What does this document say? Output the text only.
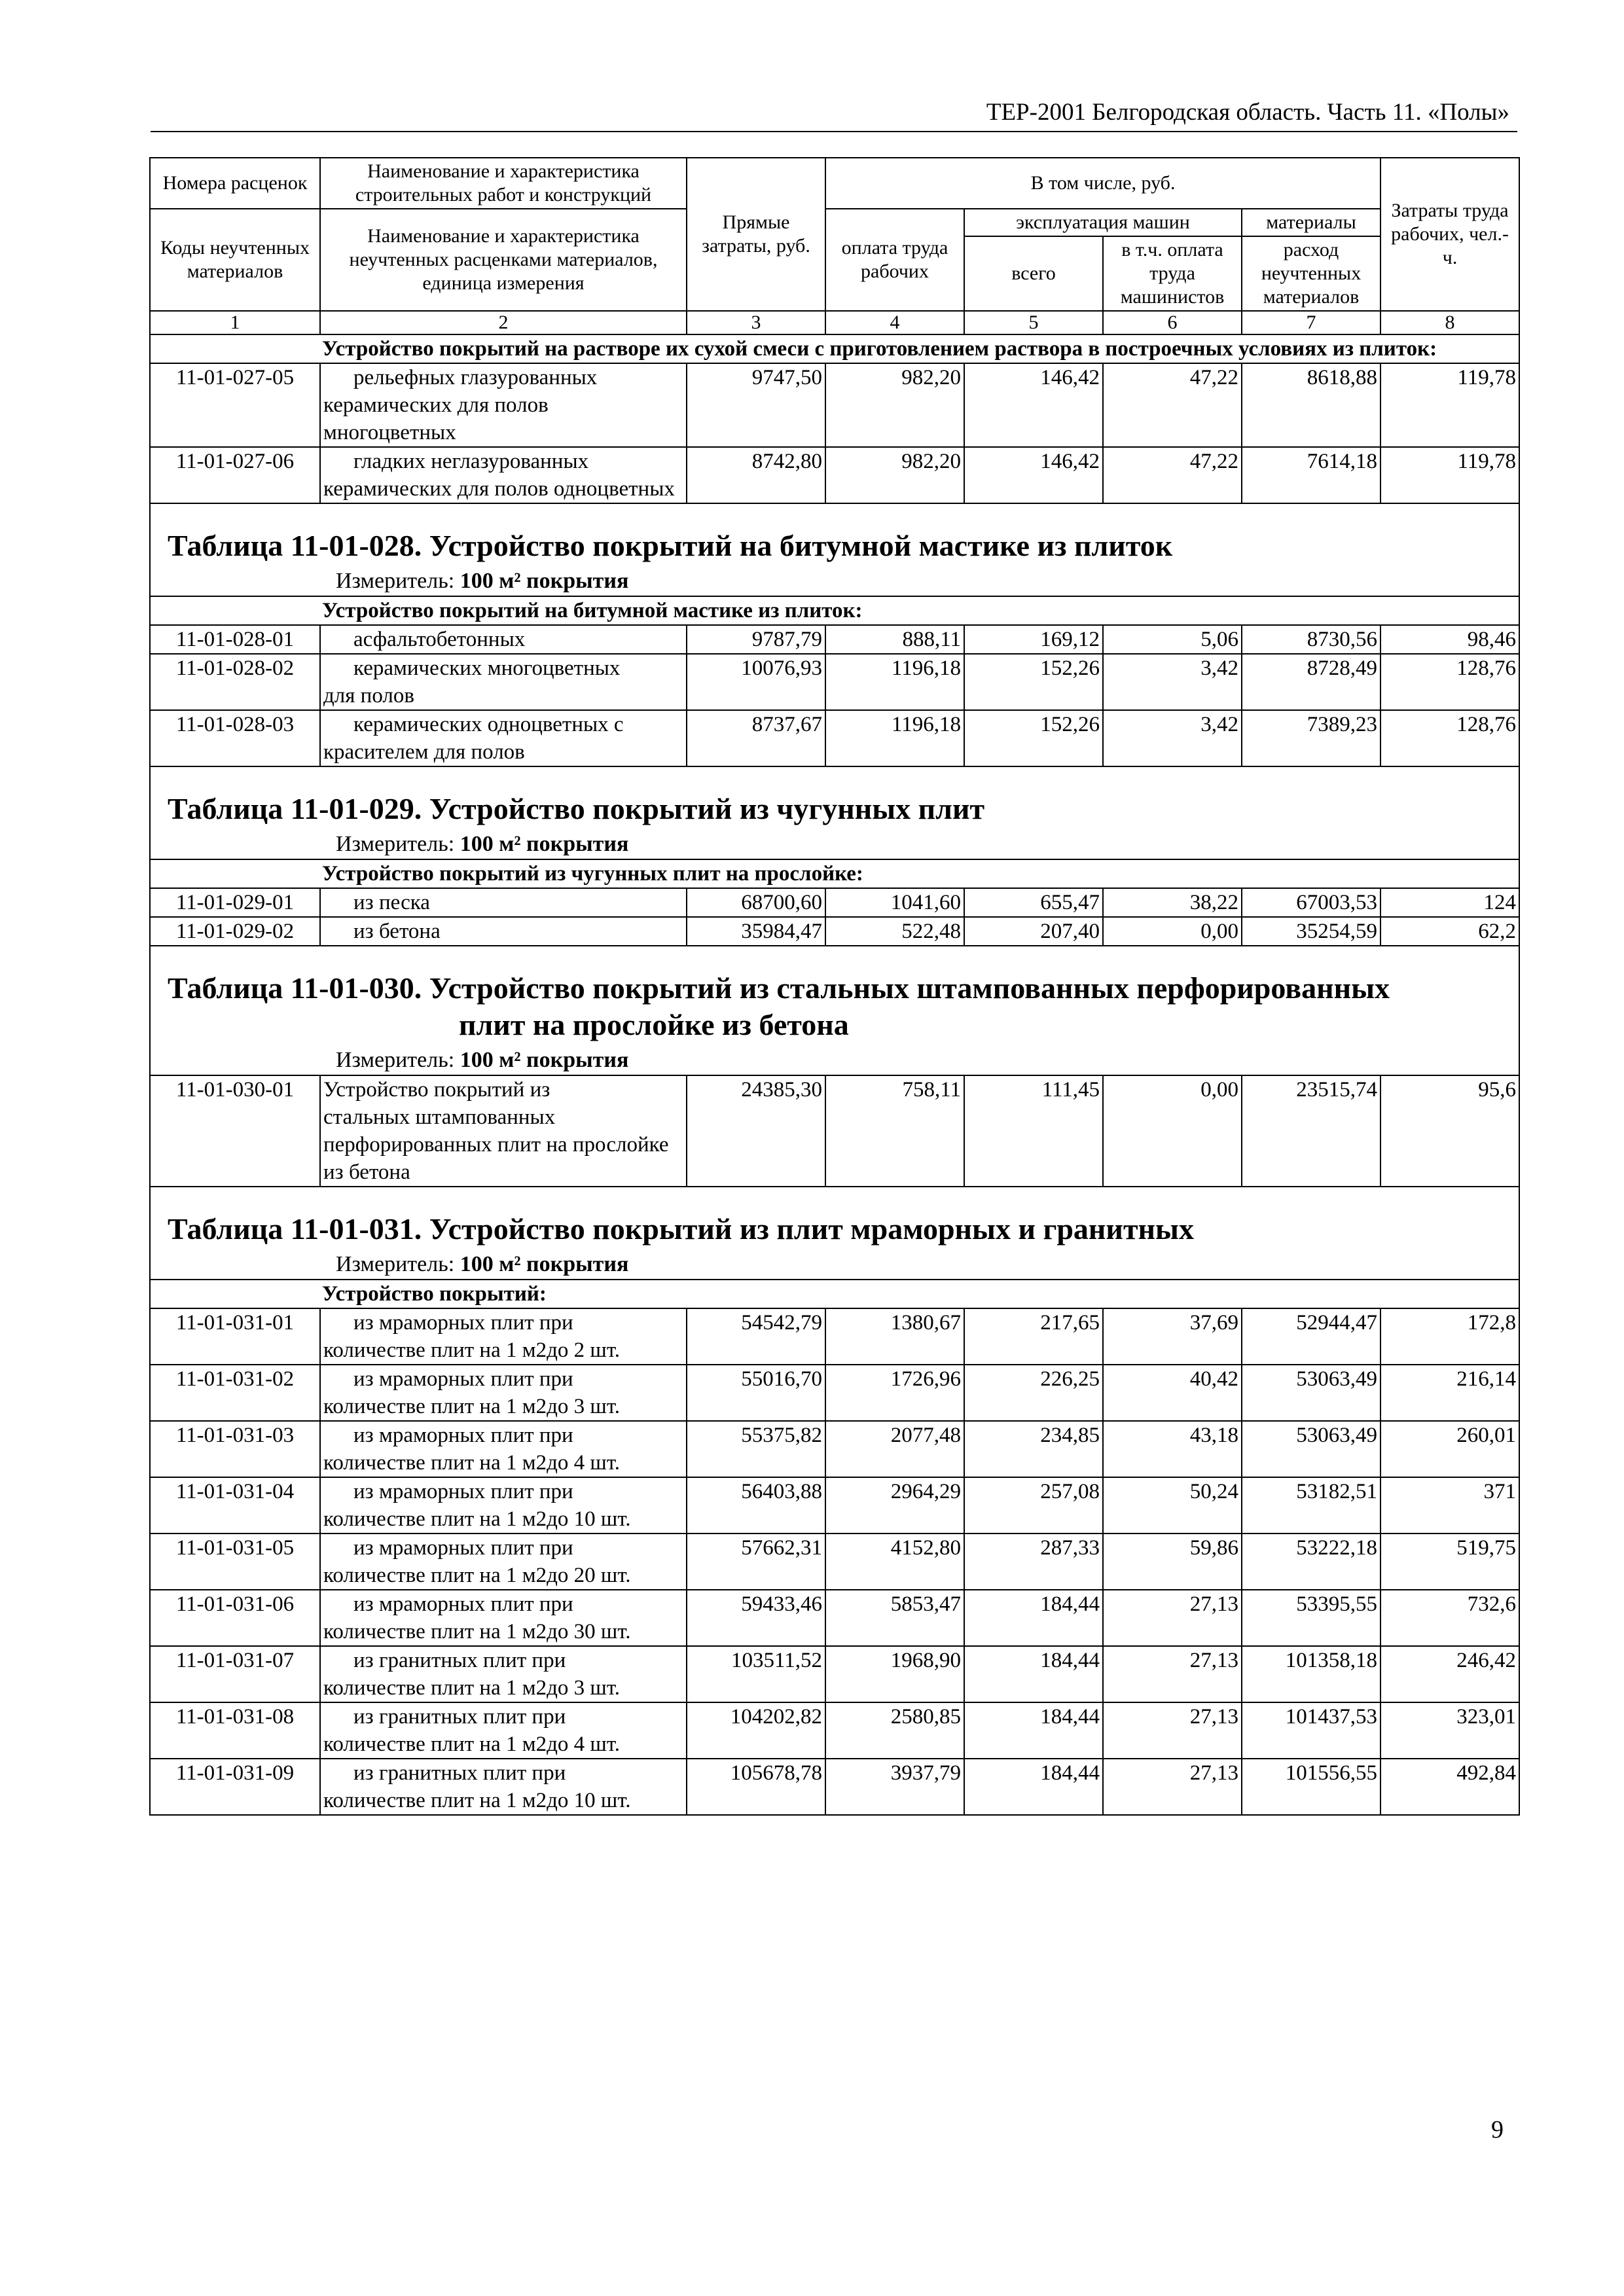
ТЕР-2001 Белгородская область. Часть 11. «Полы»
Номера расценок	Наименование и характеристика строительных работ и конструкций	Прямые затраты, руб.	В том числе, руб.				Затраты труда рабочих, чел.-ч.
Коды неучтенных материалов	Наименование и характеристика неучтенных расценками материалов, единица измерения		оплата труда рабочих	эксплуатация машин		материалы	
				всего	в т.ч. оплата труда машинистов	расход неучтенных материалов	
1	2	3	4	5	6	7	8
Устройство покрытий на растворе их сухой смеси с приготовлением раствора в построечных условиях из плиток:							
11-01-027-05	рельефных глазурованных
керамических для полов многоцветных	9747,50	982,20	146,42	47,22	8618,88	119,78
11-01-027-06	гладких неглазурованных
керамических для полов одноцветных	8742,80	982,20	146,42	47,22	7614,18	119,78

Таблица 11-01-028. Устройство покрытий на битумной мастике из плиток
Измеритель: 100 м² покрытия							

Устройство покрытий на битумной мастике из плиток:							
11-01-028-01	асфальтобетонных	9787,79	888,11	169,12	5,06	8730,56	98,46
11-01-028-02	керамических многоцветных
для полов	10076,93	1196,18	152,26	3,42	8728,49	128,76
11-01-028-03	керамических одноцветных с
красителем для полов	8737,67	1196,18	152,26	3,42	7389,23	128,76

Таблица 11-01-029. Устройство покрытий из чугунных плит
Измеритель: 100 м² покрытия							

Устройство покрытий из чугунных плит на прослойке:							
11-01-029-01	из песка	68700,60	1041,60	655,47	38,22	67003,53	124
11-01-029-02	из бетона	35984,47	522,48	207,40	0,00	35254,59	62,2

Таблица 11-01-030. Устройство покрытий из стальных штампованных перфорированных
плит на прослойке из бетона
Измеритель: 100 м² покрытия							

11-01-030-01	Устройство покрытий из
стальных штампованных перфорированных плит на прослойке из бетона	24385,30	758,11	111,45	0,00	23515,74	95,6

Таблица 11-01-031. Устройство покрытий из плит мраморных и гранитных
Измеритель: 100 м² покрытия							

Устройство покрытий:							
11-01-031-01	из мраморных плит при
количестве плит на 1 м2до 2 шт.	54542,79	1380,67	217,65	37,69	52944,47	172,8
11-01-031-02	из мраморных плит при
количестве плит на 1 м2до 3 шт.	55016,70	1726,96	226,25	40,42	53063,49	216,14
11-01-031-03	из мраморных плит при
количестве плит на 1 м2до 4 шт.	55375,82	2077,48	234,85	43,18	53063,49	260,01
11-01-031-04	из мраморных плит при
количестве плит на 1 м2до 10 шт.	56403,88	2964,29	257,08	50,24	53182,51	371
11-01-031-05	из мраморных плит при
количестве плит на 1 м2до 20 шт.	57662,31	4152,80	287,33	59,86	53222,18	519,75
11-01-031-06	из мраморных плит при
количестве плит на 1 м2до 30 шт.	59433,46	5853,47	184,44	27,13	53395,55	732,6
11-01-031-07	из гранитных плит при
количестве плит на 1 м2до 3 шт.	103511,52	1968,90	184,44	27,13	101358,18	246,42
11-01-031-08	из гранитных плит при
количестве плит на 1 м2до 4 шт.	104202,82	2580,85	184,44	27,13	101437,53	323,01
11-01-031-09	из гранитных плит при
количестве плит на 1 м2до 10 шт.	105678,78	3937,79	184,44	27,13	101556,55	492,84
9
